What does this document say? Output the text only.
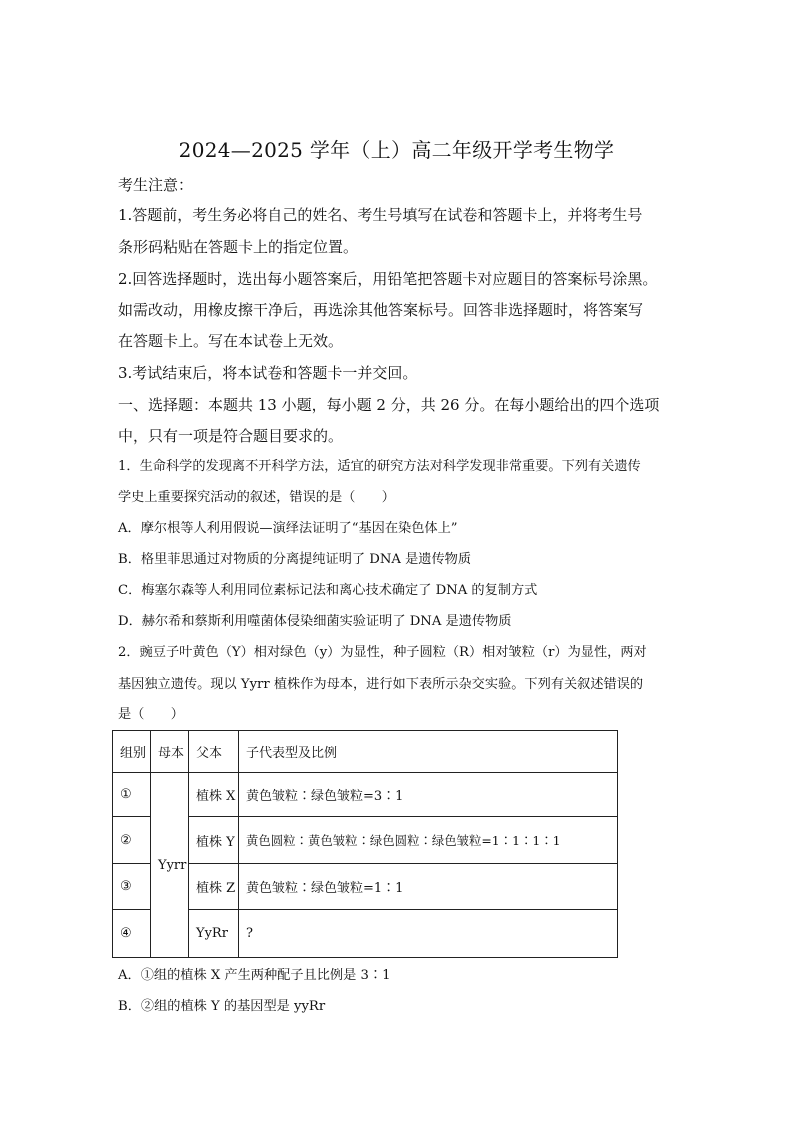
2024—2025 学年（上）高二年级开学考生物学
考生注意：
1.答题前，考生务必将自己的姓名、考生号填写在试卷和答题卡上，并将考生号
条形码粘贴在答题卡上的指定位置。
2.回答选择题时，选出每小题答案后，用铅笔把答题卡对应题目的答案标号涂黑。
如需改动，用橡皮擦干净后，再选涂其他答案标号。回答非选择题时，将答案写
在答题卡上。写在本试卷上无效。
3.考试结束后，将本试卷和答题卡一并交回。
一、选择题：本题共 13 小题，每小题 2 分，共 26 分。在每小题给出的四个选项
中，只有一项是符合题目要求的。
1．生命科学的发现离不开科学方法，适宜的研究方法对科学发现非常重要。下列有关遗传
学史上重要探究活动的叙述，错误的是（　　）
A．摩尔根等人利用假说—演绎法证明了“基因在染色体上”
B．格里菲思通过对物质的分离提纯证明了 DNA 是遗传物质
C．梅塞尔森等人利用同位素标记法和离心技术确定了 DNA 的复制方式
D．赫尔希和蔡斯利用噬菌体侵染细菌实验证明了 DNA 是遗传物质
2．豌豆子叶黄色（Y）相对绿色（y）为显性，种子圆粒（R）相对皱粒（r）为显性，两对
基因独立遗传。现以 Yyrr 植株作为母本，进行如下表所示杂交实验。下列有关叙述错误的
是（　　）
组别	母本	父本	子代表型及比例
①	Yyrr	植株 X	黄色皱粒∶绿色皱粒=3∶1
②		植株 Y	黄色圆粒∶黄色皱粒∶绿色圆粒∶绿色皱粒=1∶1∶1∶1
③		植株 Z	黄色皱粒∶绿色皱粒=1∶1
④		YyRr	?
A．①组的植株 X 产生两种配子且比例是 3∶1
B．②组的植株 Y 的基因型是 yyRr
